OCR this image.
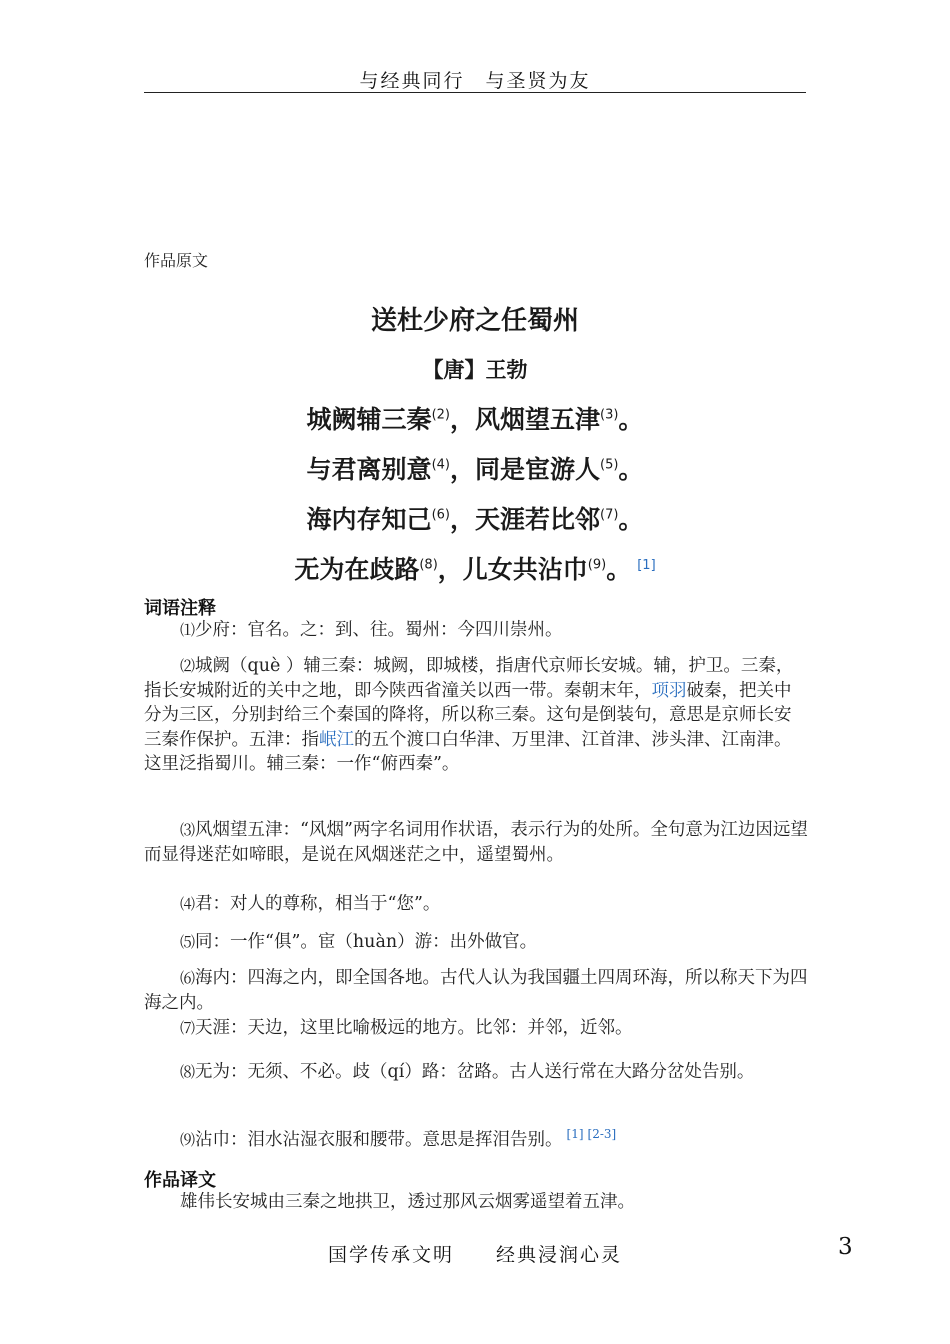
与经典同行　与圣贤为友
作品原文
送杜少府之任蜀州
【唐】王勃
城阙辅三秦$^{(2)}$，风烟望五津$^{(3)}$。
与君离别意$^{(4)}$，同是宦游人$^{(5)}$。
海内存知己$^{(6)}$，天涯若比邻$^{(7)}$。
无为在歧路$^{(8)}$，儿女共沾巾$^{(9)}$。 [1]
词语注释
⑴少府：官名。之：到、往。蜀州：今四川崇州。
⑵城阙（què ）辅三秦：城阙，即城楼，指唐代京师长安城。辅，护卫。三秦，指长安城附近的关中之地，即今陕西省潼关以西一带。秦朝末年，项羽破秦，把关中分为三区，分别封给三个秦国的降将，所以称三秦。这句是倒装句，意思是京师长安三秦作保护。五津：指岷江的五个渡口白华津、万里津、江首津、涉头津、江南津。这里泛指蜀川。辅三秦：一作“俯西秦”。
⑶风烟望五津：“风烟”两字名词用作状语，表示行为的处所。全句意为江边因远望而显得迷茫如啼眼，是说在风烟迷茫之中，遥望蜀州。
⑷君：对人的尊称，相当于“您”。
⑸同：一作“俱”。宦（huàn）游：出外做官。
⑹海内：四海之内，即全国各地。古代人认为我国疆土四周环海，所以称天下为四海之内。
⑺天涯：天边，这里比喻极远的地方。比邻：并邻，近邻。
⑻无为：无须、不必。歧（qí）路：岔路。古人送行常在大路分岔处告别。
⑼沾巾：泪水沾湿衣服和腰带。意思是挥泪告别。 [1] [2-3]
作品译文
雄伟长安城由三秦之地拱卫，透过那风云烟雾遥望着五津。
国学传承文明　　经典浸润心灵	3
